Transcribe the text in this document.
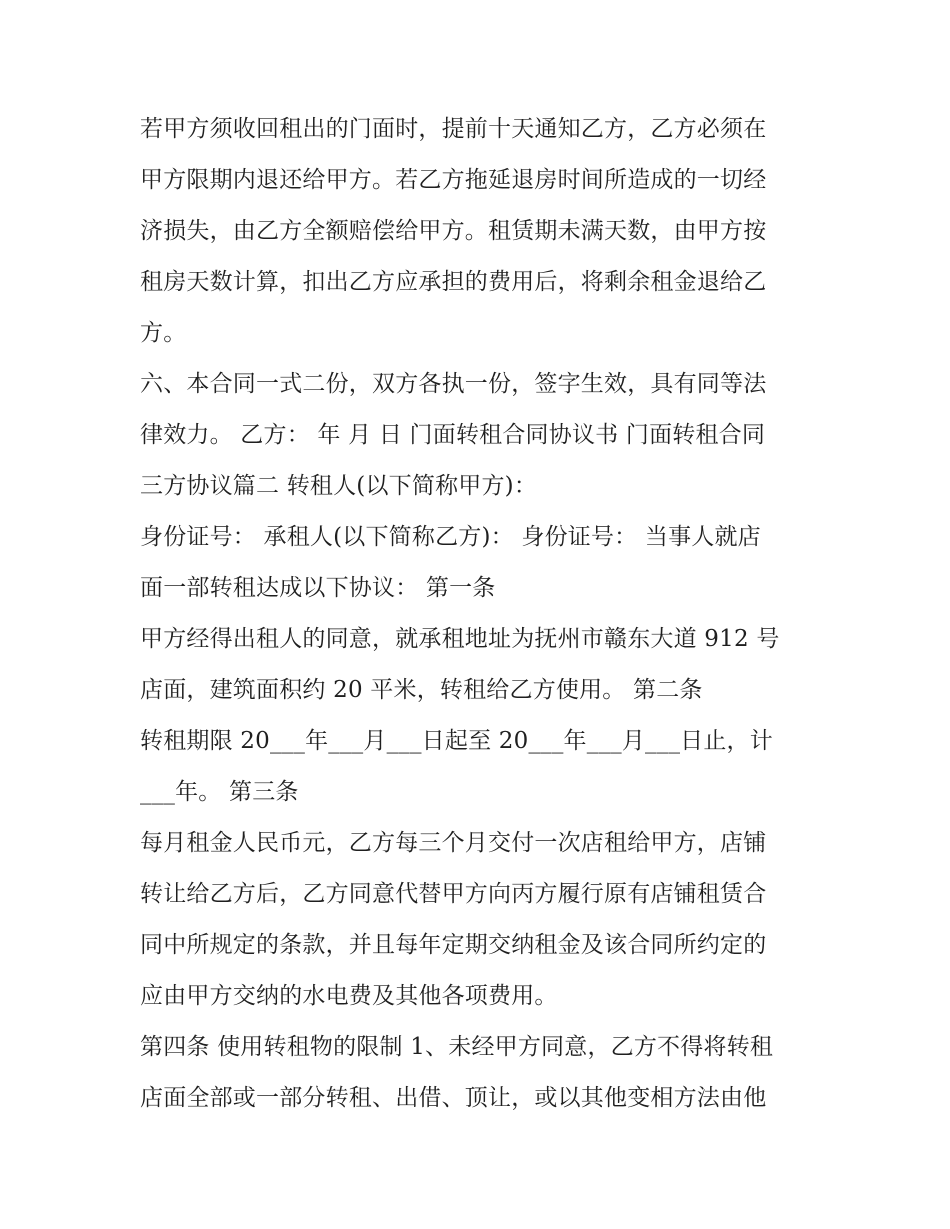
若甲方须收回租出的门面时，提前十天通知乙方，乙方必须在
甲方限期内退还给甲方。若乙方拖延退房时间所造成的一切经
济损失，由乙方全额赔偿给甲方。租赁期未满天数，由甲方按
租房天数计算，扣出乙方应承担的费用后，将剩余租金退给乙
方。
六、本合同一式二份，双方各执一份，签字生效，具有同等法
律效力。 乙方： 年 月 日 门面转租合同协议书 门面转租合同
三方协议篇二 转租人(以下简称甲方)：
身份证号： 承租人(以下简称乙方)： 身份证号： 当事人就店
面一部转租达成以下协议： 第一条
甲方经得出租人的同意，就承租地址为抚州市赣东大道 912 号
店面，建筑面积约 20 平米，转租给乙方使用。 第二条
转租期限 20___年___月___日起至 20___年___月___日止，计
___年。 第三条
每月租金人民币元，乙方每三个月交付一次店租给甲方，店铺
转让给乙方后，乙方同意代替甲方向丙方履行原有店铺租赁合
同中所规定的条款，并且每年定期交纳租金及该合同所约定的
应由甲方交纳的水电费及其他各项费用。
第四条 使用转租物的限制 1、未经甲方同意，乙方不得将转租
店面全部或一部分转租、出借、顶让，或以其他变相方法由他
